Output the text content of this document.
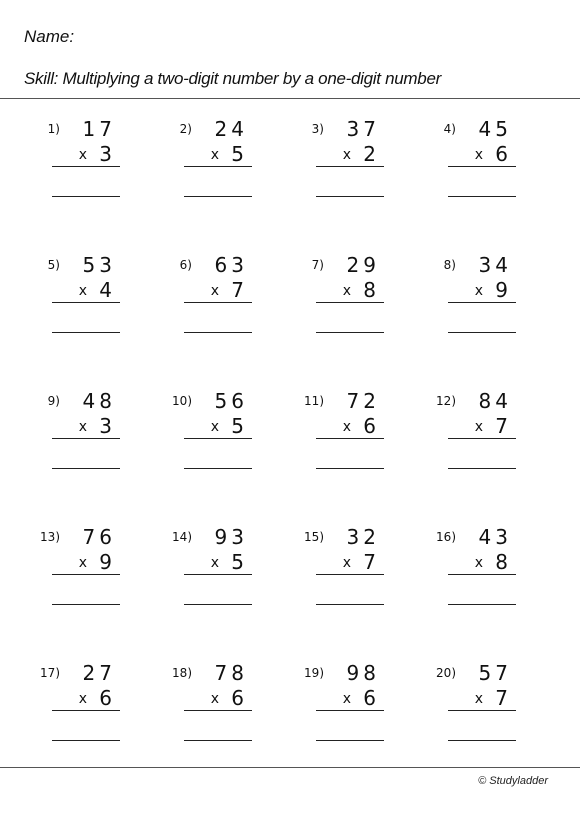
Name:
Skill: Multiplying a two-digit number by a one-digit number
1) 17
x 3
2) 24
x 5
3) 37
x 2
4) 45
x 6
5) 53
x 4
6) 63
x 7
7) 29
x 8
8) 34
x 9
9) 48
x 3
10) 56
x 5
11) 72
x 6
12) 84
x 7
13) 76
x 9
14) 93
x 5
15) 32
x 7
16) 43
x 8
17) 27
x 6
18) 78
x 6
19) 98
x 6
20) 57
x 7
© Studyladder
